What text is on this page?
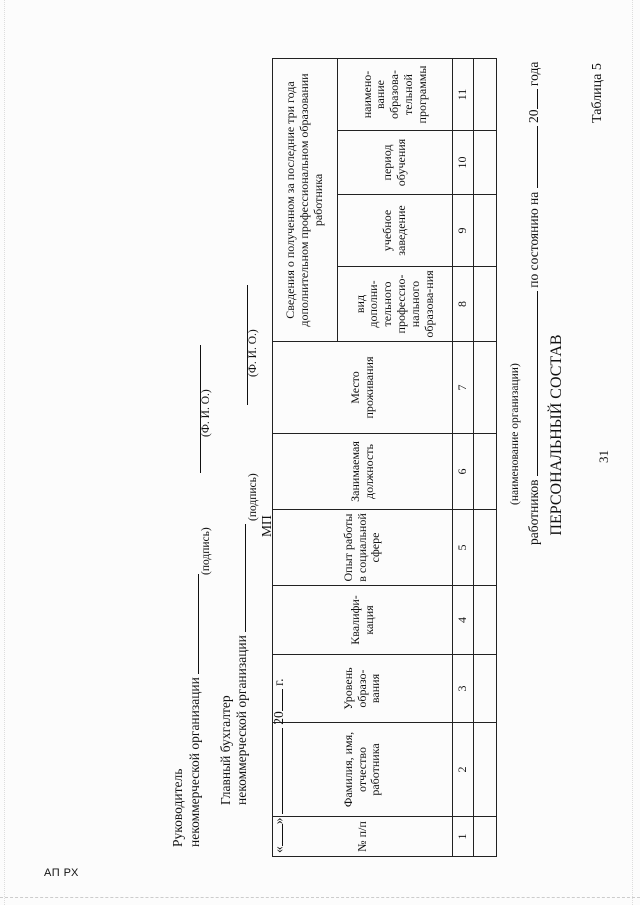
АП РХ
31
Таблица 5
ПЕРСОНАЛЬНЫЙ СОСТАВ
работников  по состоянию на  20 года
(наименование организации)
№ п/п	Фамилия, имя, отчество работника	Уровень образо-вания	Квалифи-кация	Опыт работы в социальной сфере	Занимаемая должность	Место проживания	Сведения о полученном за последние три года дополнительном профессиональном образовании работника			
							вид дополни-тельного профессио-нального образова-ния	учебное заведение	период обучения	наимено-вание образова-тельной программы
1	2	3	4	5	6	7	8	9	10	11

Руководитель некоммерческой организации
(подпись)
(Ф. И. О.)
Главный бухгалтер некоммерческой организации
(подпись)
(Ф. И. О.)
МП
«»  20 г.
